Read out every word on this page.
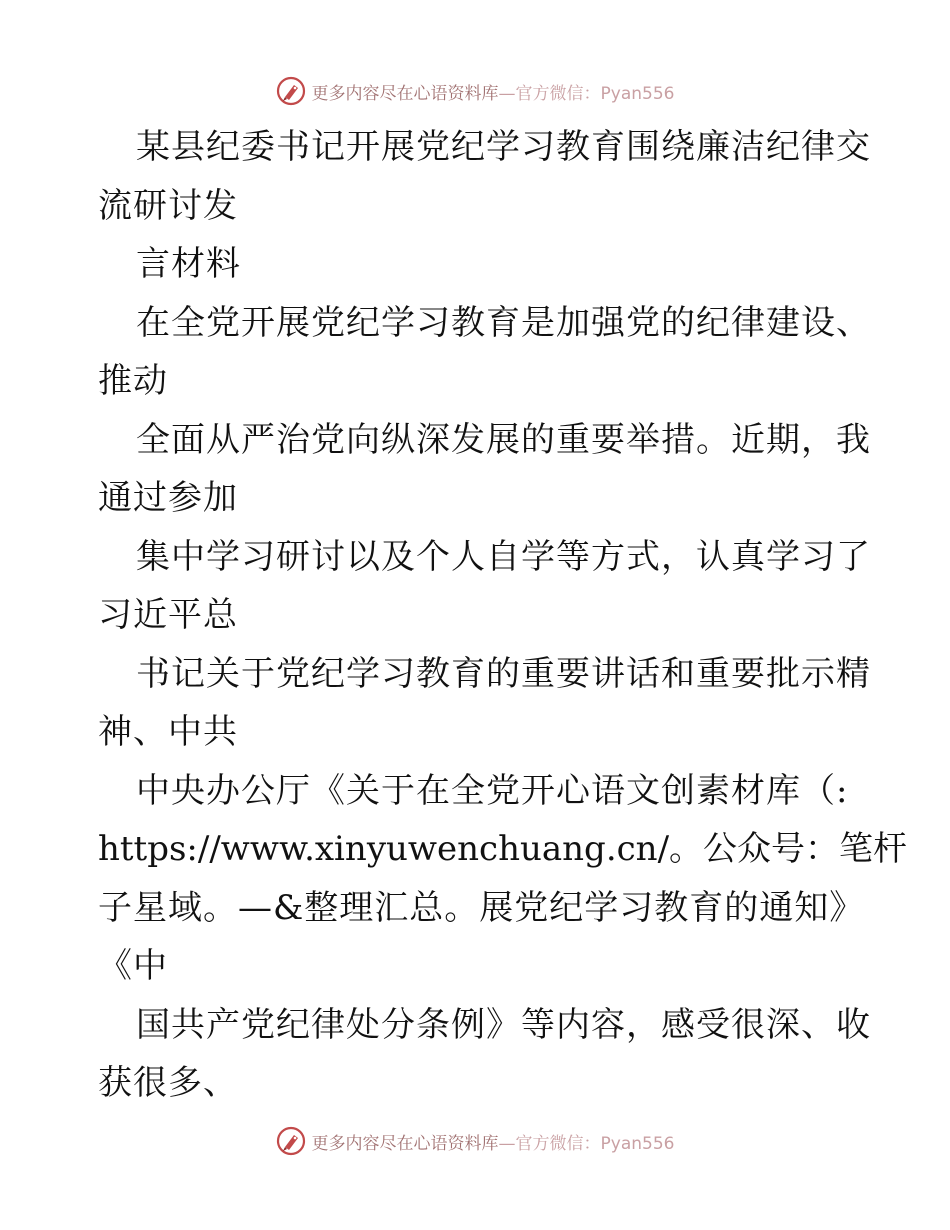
更多内容尽在心语资料库—官方微信：Pyan556
某县纪委书记开展党纪学习教育围绕廉洁纪律交
流研讨发
言材料
在全党开展党纪学习教育是加强党的纪律建设、
推动
全面从严治党向纵深发展的重要举措。近期，我
通过参加
集中学习研讨以及个人自学等方式，认真学习了
习近平总
书记关于党纪学习教育的重要讲话和重要批示精
神、中共
中央办公厅《关于在全党开心语文创素材库（:
https://www.xinyuwenchuang.cn/。公众号：笔杆
子星域。—&整理汇总。展党纪学习教育的通知》
《中
国共产党纪律处分条例》等内容，感受很深、收
获很多、
更多内容尽在心语资料库—官方微信：Pyan556
